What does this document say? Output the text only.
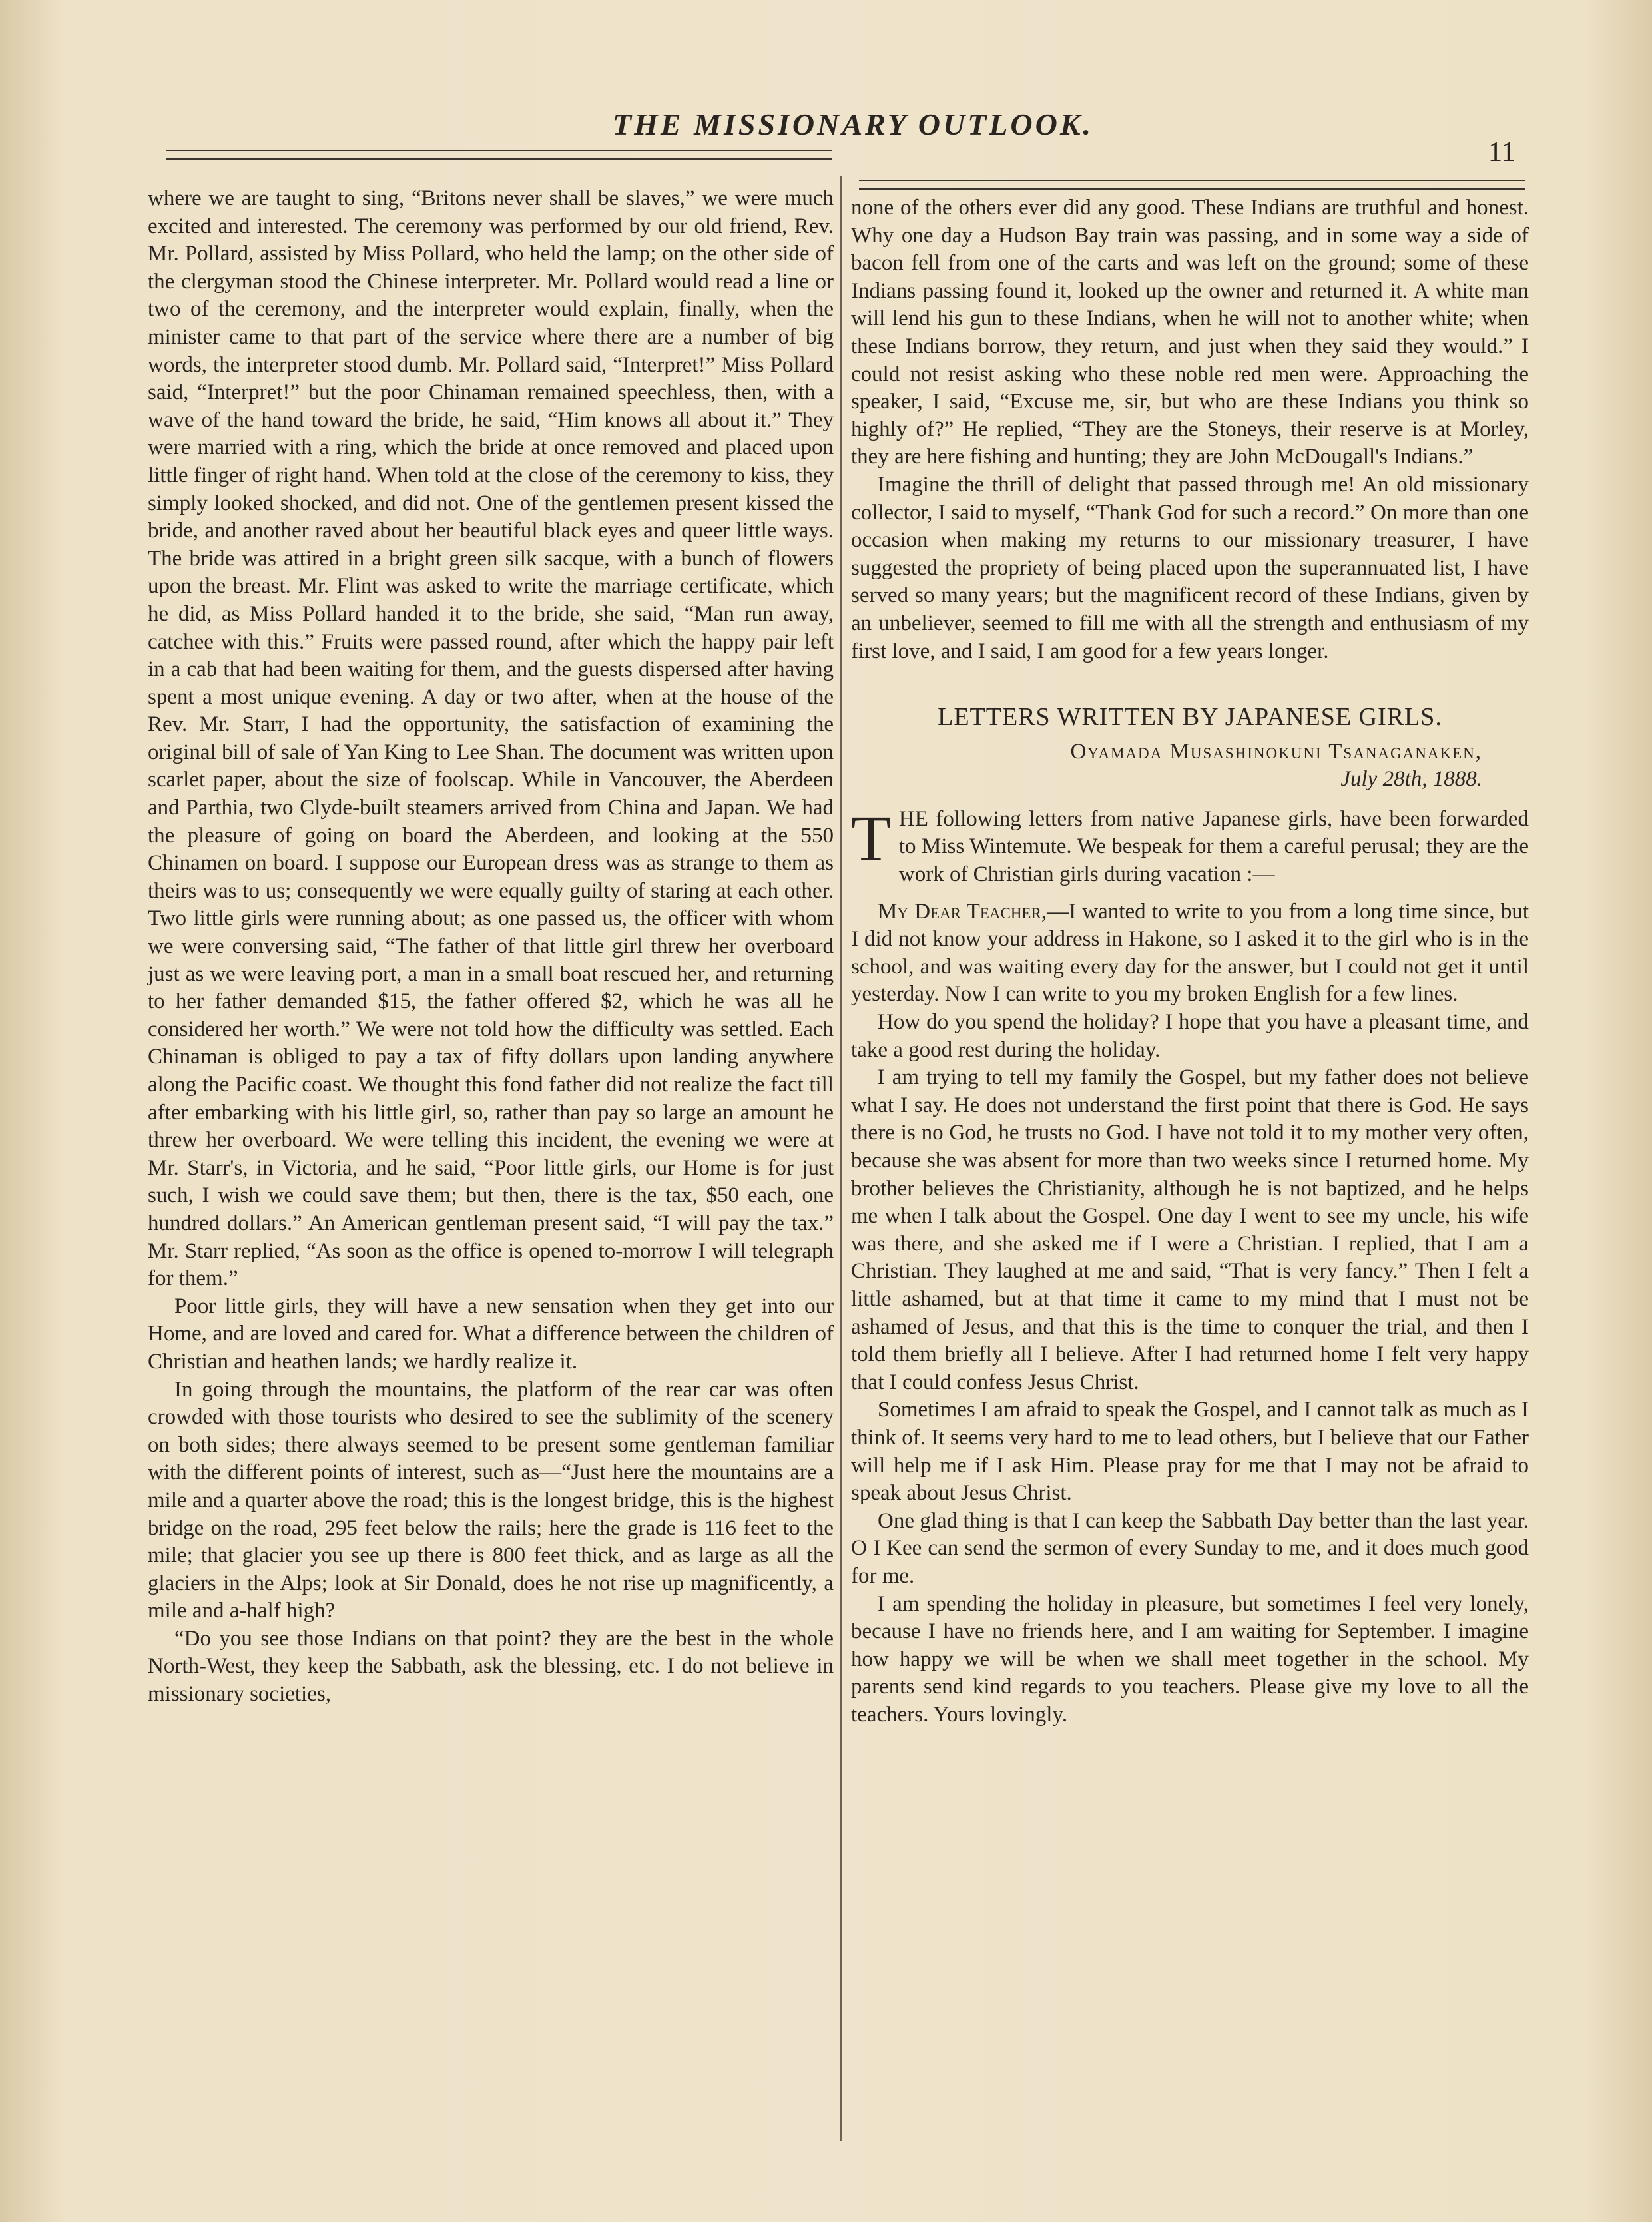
THE MISSIONARY OUTLOOK.
11

where we are taught to sing, “Britons never shall be slaves,” we were much excited and interested. The ceremony was performed by our old friend, Rev. Mr. Pollard, assisted by Miss Pollard, who held the lamp; on the other side of the clergyman stood the Chinese interpreter. Mr. Pollard would read a line or two of the ceremony, and the interpreter would explain, finally, when the minister came to that part of the service where there are a number of big words, the interpreter stood dumb. Mr. Pollard said, “Interpret!” Miss Pollard said, “Interpret!” but the poor Chinaman remained speechless, then, with a wave of the hand toward the bride, he said, “Him knows all about it.” They were married with a ring, which the bride at once removed and placed upon little finger of right hand. When told at the close of the ceremony to kiss, they simply looked shocked, and did not. One of the gentlemen present kissed the bride, and another raved about her beautiful black eyes and queer little ways. The bride was attired in a bright green silk sacque, with a bunch of flowers upon the breast. Mr. Flint was asked to write the marriage certificate, which he did, as Miss Pollard handed it to the bride, she said, “Man run away, catchee with this.” Fruits were passed round, after which the happy pair left in a cab that had been waiting for them, and the guests dispersed after having spent a most unique evening. A day or two after, when at the house of the Rev. Mr. Starr, I had the opportunity, the satisfaction of examining the original bill of sale of Yan King to Lee Shan. The document was written upon scarlet paper, about the size of foolscap. While in Vancouver, the Aberdeen and Parthia, two Clyde-built steamers arrived from China and Japan. We had the pleasure of going on board the Aberdeen, and looking at the 550 Chinamen on board. I suppose our European dress was as strange to them as theirs was to us; consequently we were equally guilty of staring at each other. Two little girls were running about; as one passed us, the officer with whom we were conversing said, “The father of that little girl threw her overboard just as we were leaving port, a man in a small boat rescued her, and returning to her father demanded $15, the father offered $2, which he was all he considered her worth.” We were not told how the difficulty was settled. Each Chinaman is obliged to pay a tax of fifty dollars upon landing anywhere along the Pacific coast. We thought this fond father did not realize the fact till after embarking with his little girl, so, rather than pay so large an amount he threw her overboard. We were telling this incident, the evening we were at Mr. Starr's, in Victoria, and he said, “Poor little girls, our Home is for just such, I wish we could save them; but then, there is the tax, $50 each, one hundred dollars.” An American gentleman present said, “I will pay the tax.” Mr. Starr replied, “As soon as the office is opened to-morrow I will telegraph for them.”

Poor little girls, they will have a new sensation when they get into our Home, and are loved and cared for. What a difference between the children of Christian and heathen lands; we hardly realize it.

In going through the mountains, the platform of the rear car was often crowded with those tourists who desired to see the sublimity of the scenery on both sides; there always seemed to be present some gentleman familiar with the different points of interest, such as—“Just here the mountains are a mile and a quarter above the road; this is the longest bridge, this is the highest bridge on the road, 295 feet below the rails; here the grade is 116 feet to the mile; that glacier you see up there is 800 feet thick, and as large as all the glaciers in the Alps; look at Sir Donald, does he not rise up magnificently, a mile and a-half high?

“Do you see those Indians on that point? they are the best in the whole North-West, they keep the Sabbath, ask the blessing, etc. I do not believe in missionary societies,

none of the others ever did any good. These Indians are truthful and honest. Why one day a Hudson Bay train was passing, and in some way a side of bacon fell from one of the carts and was left on the ground; some of these Indians passing found it, looked up the owner and returned it. A white man will lend his gun to these Indians, when he will not to another white; when these Indians borrow, they return, and just when they said they would.” I could not resist asking who these noble red men were. Approaching the speaker, I said, “Excuse me, sir, but who are these Indians you think so highly of?” He replied, “They are the Stoneys, their reserve is at Morley, they are here fishing and hunting; they are John McDougall's Indians.”

Imagine the thrill of delight that passed through me! An old missionary collector, I said to myself, “Thank God for such a record.” On more than one occasion when making my returns to our missionary treasurer, I have suggested the propriety of being placed upon the superannuated list, I have served so many years; but the magnificent record of these Indians, given by an unbeliever, seemed to fill me with all the strength and enthusiasm of my first love, and I said, I am good for a few years longer.

LETTERS WRITTEN BY JAPANESE GIRLS.

Oyamada Musashinokuni Tsanaganaken,

July 28th, 1888.

THE following letters from native Japanese girls, have been forwarded to Miss Wintemute. We bespeak for them a careful perusal; they are the work of Christian girls during vacation :—

My Dear Teacher,—I wanted to write to you from a long time since, but I did not know your address in Hakone, so I asked it to the girl who is in the school, and was waiting every day for the answer, but I could not get it until yesterday. Now I can write to you my broken English for a few lines.

How do you spend the holiday? I hope that you have a pleasant time, and take a good rest during the holiday.

I am trying to tell my family the Gospel, but my father does not believe what I say. He does not understand the first point that there is God. He says there is no God, he trusts no God. I have not told it to my mother very often, because she was absent for more than two weeks since I returned home. My brother believes the Christianity, although he is not baptized, and he helps me when I talk about the Gospel. One day I went to see my uncle, his wife was there, and she asked me if I were a Christian. I replied, that I am a Christian. They laughed at me and said, “That is very fancy.” Then I felt a little ashamed, but at that time it came to my mind that I must not be ashamed of Jesus, and that this is the time to conquer the trial, and then I told them briefly all I believe. After I had returned home I felt very happy that I could confess Jesus Christ.

Sometimes I am afraid to speak the Gospel, and I cannot talk as much as I think of. It seems very hard to me to lead others, but I believe that our Father will help me if I ask Him. Please pray for me that I may not be afraid to speak about Jesus Christ.

One glad thing is that I can keep the Sabbath Day better than the last year. O I Kee can send the sermon of every Sunday to me, and it does much good for me.

I am spending the holiday in pleasure, but sometimes I feel very lonely, because I have no friends here, and I am waiting for September. I imagine how happy we will be when we shall meet together in the school. My parents send kind regards to you teachers. Please give my love to all the teachers. Yours lovingly.
